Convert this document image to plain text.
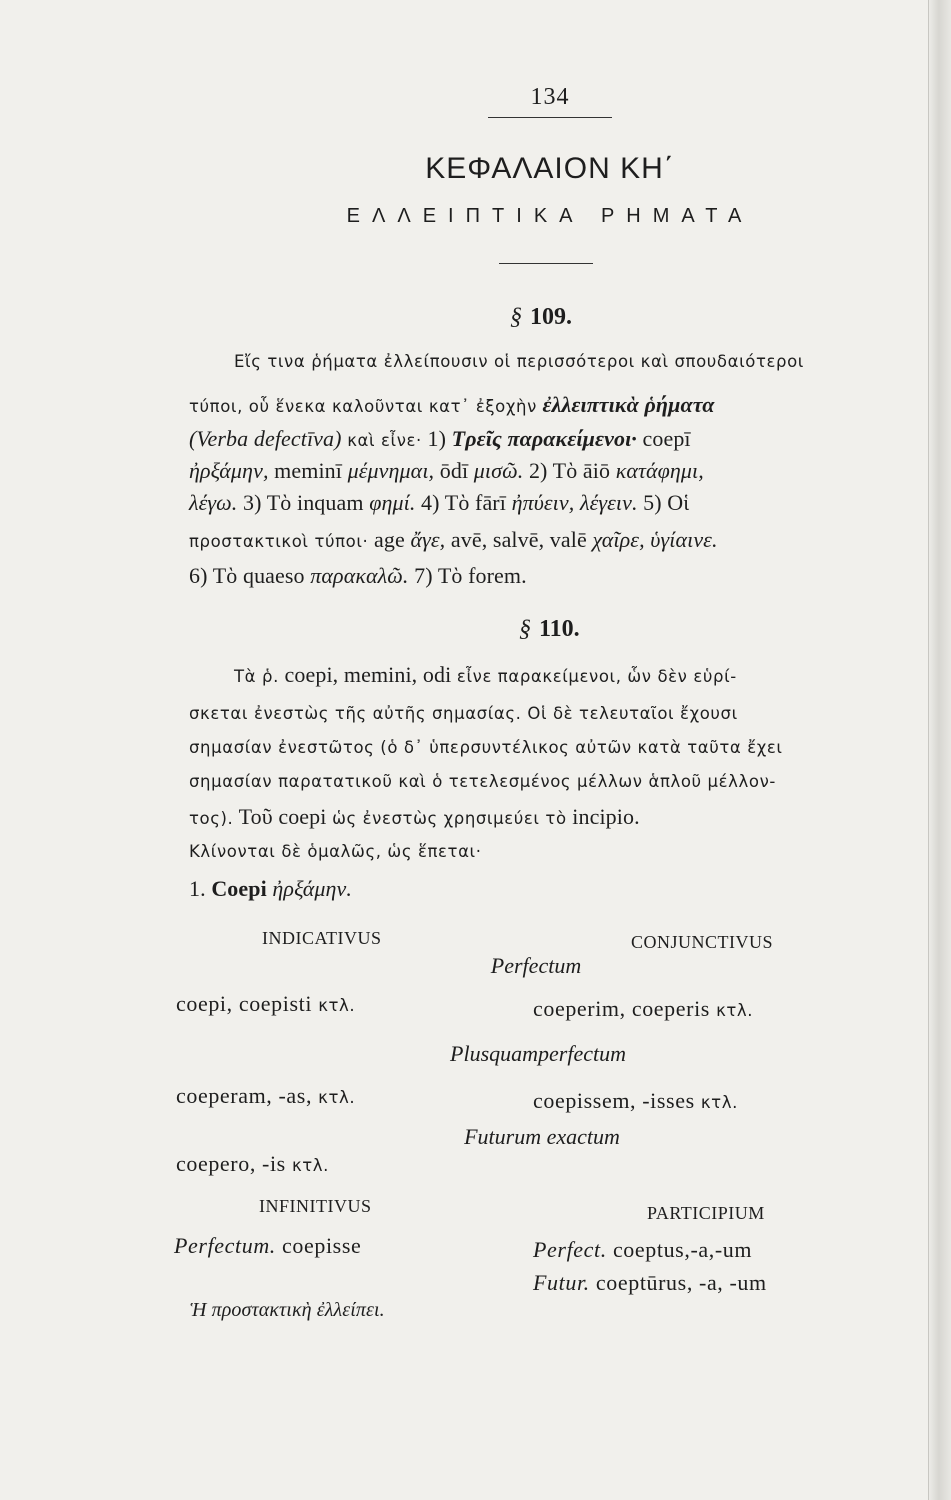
134
ΚΕΦΑΛΑΙΟΝ ΚΗ΄
ΕΛΛΕΙΠΤΙΚΑ ΡΗΜΑΤΑ
§ 109.
Εἴς τινα ῥήματα ἐλλείπουσιν οἱ περισσότεροι καὶ σπουδαιότεροι
τύποι, οὗ ἕνεκα καλοῦνται κατ᾽ ἐξοχὴν ἐλλειπτικὰ ῥήματα
(Verba defectīva) καὶ εἶνε· 1) Τρεῖς παρακείμενοι· coepī
ἠρξάμην, meminī μέμνημαι, ōdī μισῶ. 2) Τὸ āiō κατάφημι,
λέγω. 3) Τὸ inquam φημί. 4) Τὸ fārī ἠπύειν, λέγειν. 5) Οἱ
προστακτικοὶ τύποι· age ἄγε, avē, salvē, valē χαῖρε, ὑγίαινε.
6) Τὸ quaeso παρακαλῶ. 7) Τὸ forem.
§ 110.
Τὰ ῥ. coepi, memini, odi εἶνε παρακείμενοι, ὧν δὲν εὑρί-
σκεται ἐνεστὼς τῆς αὐτῆς σημασίας. Οἱ δὲ τελευταῖοι ἔχουσι
σημασίαν ἐνεστῶτος (ὁ δ᾽ ὑπερσυντέλικος αὐτῶν κατὰ ταῦτα ἔχει
σημασίαν παρατατικοῦ καὶ ὁ τετελεσμένος μέλλων ἁπλοῦ μέλλον-
τος). Τοῦ coepi ὡς ἐνεστὼς χρησιμεύει τὸ incipio.
Κλίνονται δὲ ὁμαλῶς, ὡς ἕπεται·
1. Coepi ἠρξάμην.
INDICATIVUS	CONJUNCTIVUS
Perfectum
coepi, coepisti κτλ.	coeperim, coeperis κτλ.
Plusquamperfectum
coeperam, -as, κτλ.	coepissem, -isses κτλ.
Futurum exactum
coepero, -is κτλ.
INFINITIVUS	PARTICIPIUM
Perfectum. coepisse	Perfect. coeptus,-a,-um
Futur. coeptūrus, -a, -um
Ἡ προστακτικὴ ἐλλείπει.
